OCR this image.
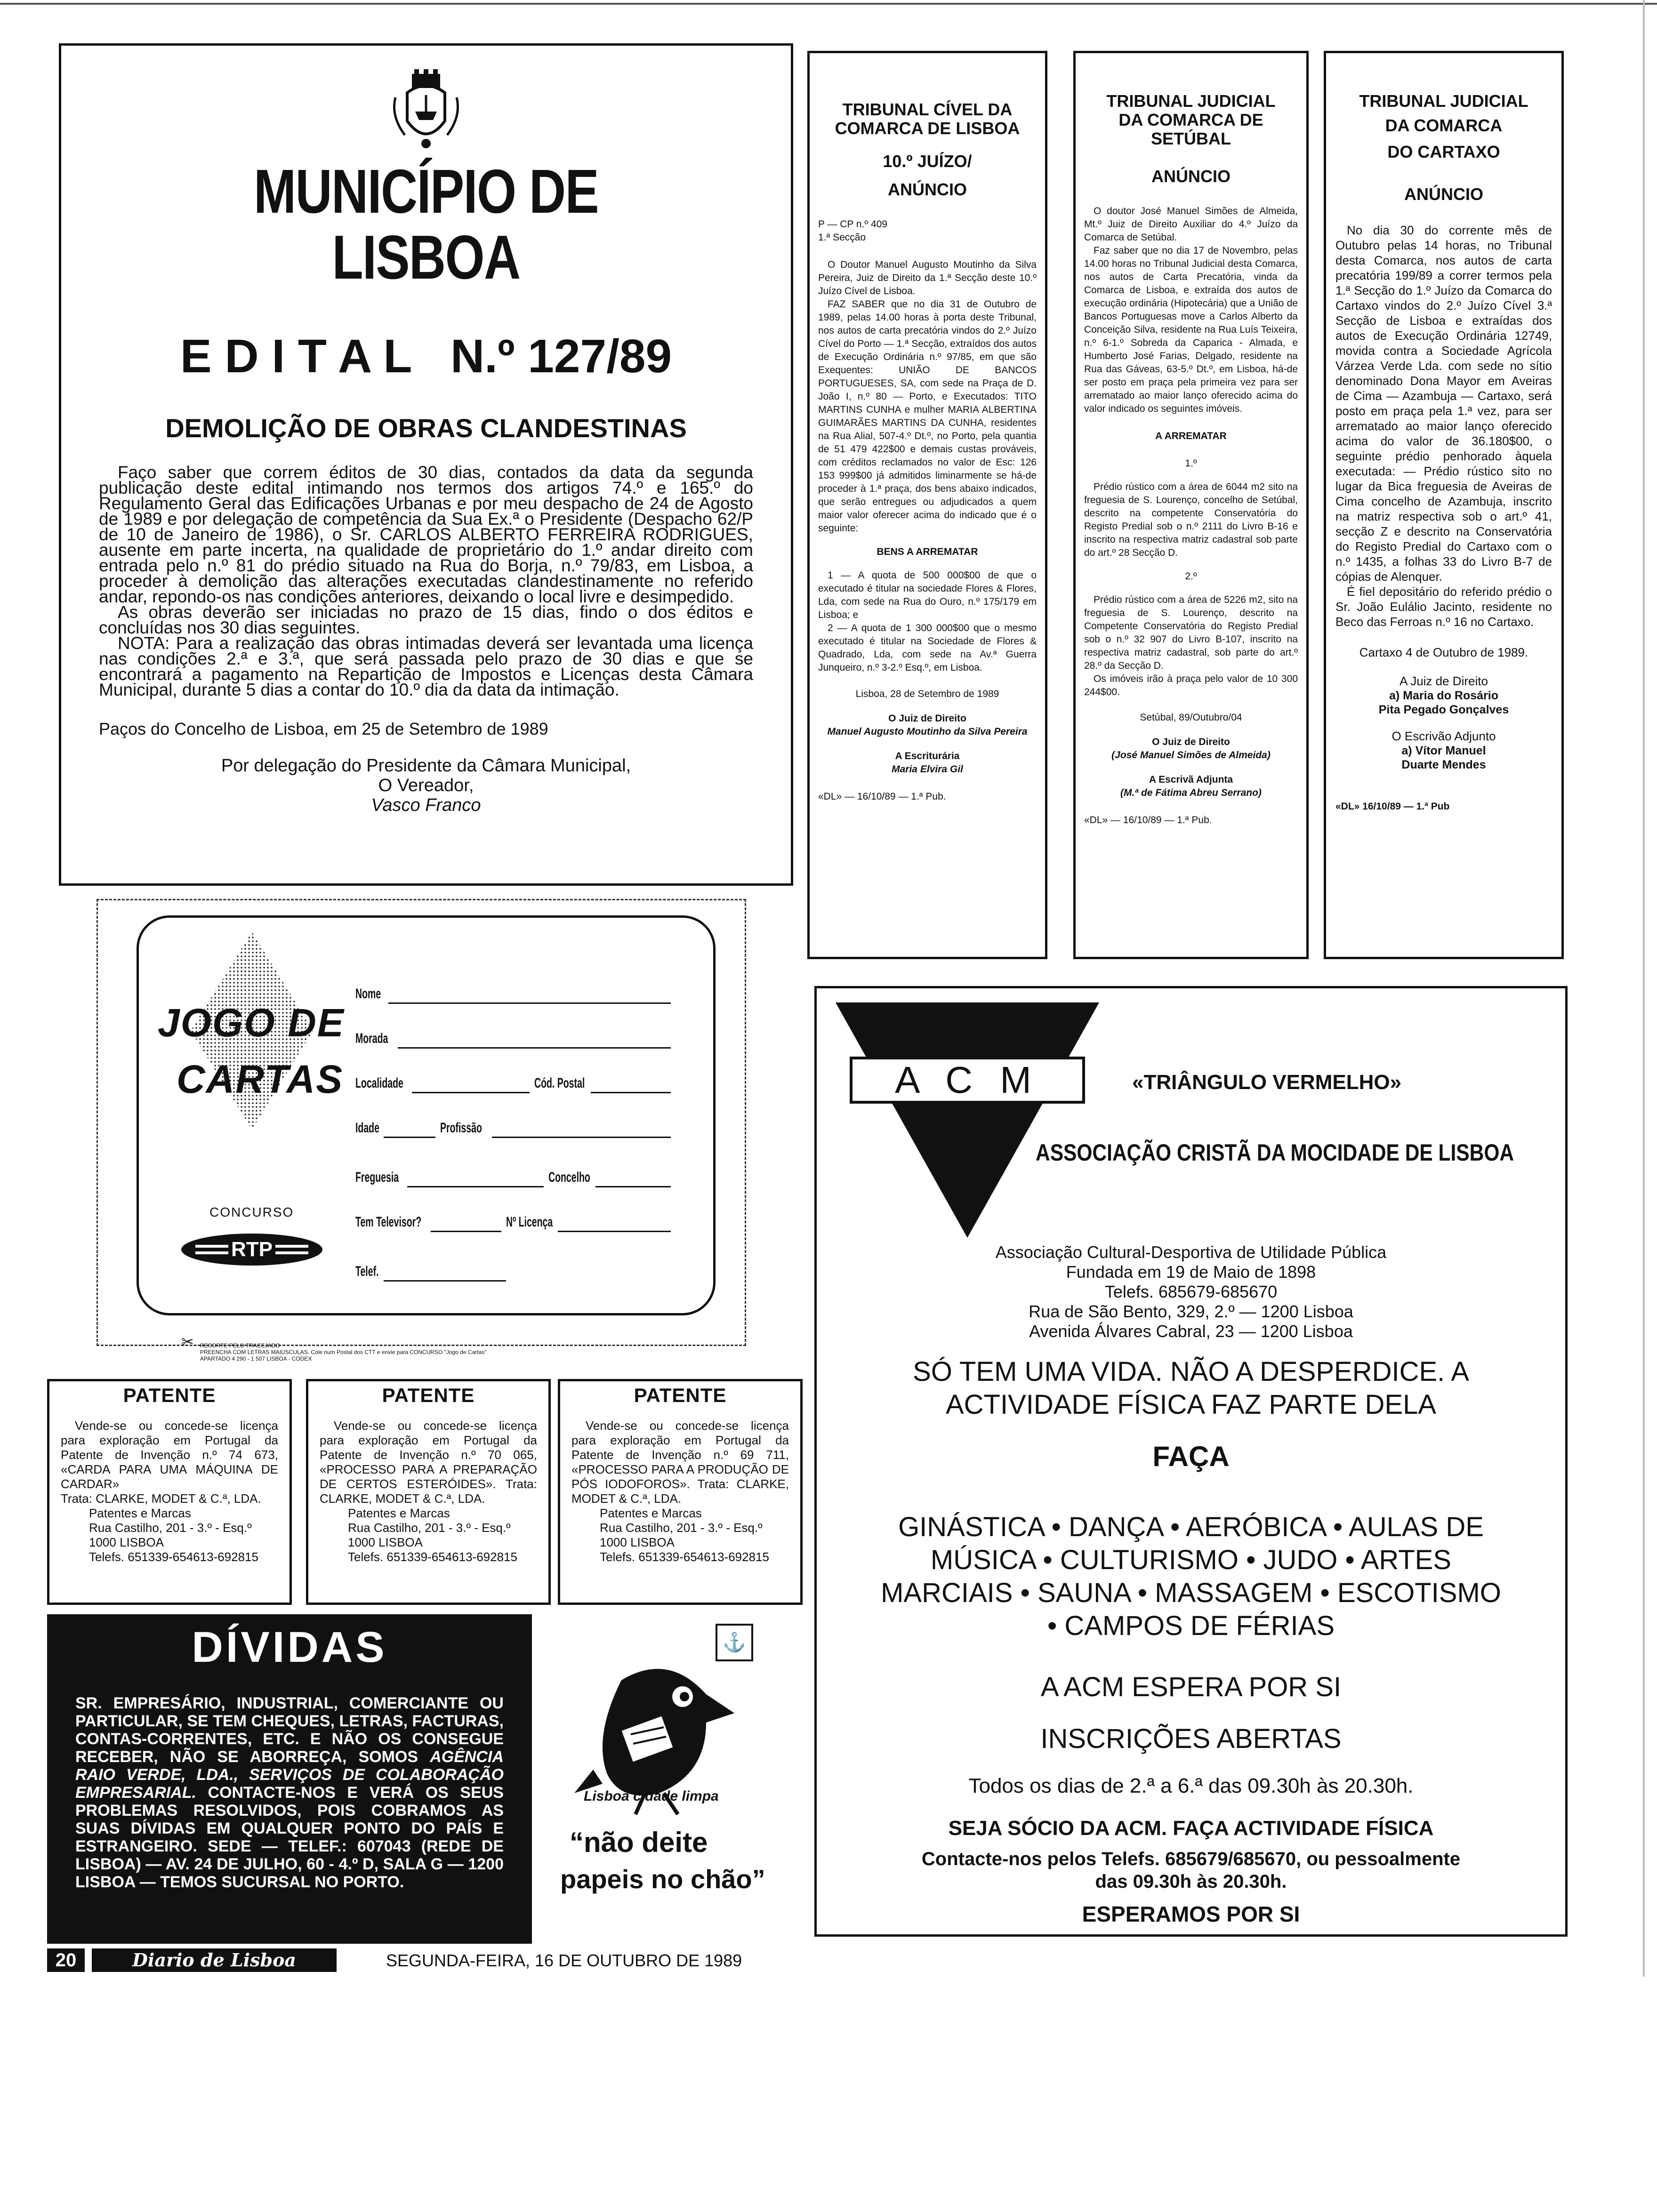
MUNICÍPIO DE LISBOA
E D I T A L   N.º 127/89
DEMOLIÇÃO DE OBRAS CLANDESTINAS

Faço saber que correm éditos de 30 dias, contados da data da segunda publicação deste edital intimando nos termos dos artigos 74.º e 165.º do Regulamento Geral das Edificações Urbanas e por meu despacho de 24 de Agosto de 1989 e por delegação de competência da Sua Ex.ª o Presidente (Despacho 62/P de 10 de Janeiro de 1986), o Sr. CARLOS ALBERTO FERREIRA RODRIGUES, ausente em parte incerta, na qualidade de proprietário do 1.º andar direito com entrada pelo n.º 81 do prédio situado na Rua do Borja, n.º 79/83, em Lisboa, a proceder à demolição das alterações executadas clandestinamente no referido andar, repondo-os nas condições anteriores, deixando o local livre e desimpedido.

As obras deverão ser iniciadas no prazo de 15 dias, findo o dos éditos e concluídas nos 30 dias seguintes.

NOTA: Para a realização das obras intimadas deverá ser levantada uma licença nas condições 2.ª e 3.ª, que será passada pelo prazo de 30 dias e que se encontrará a pagamento na Repartição de Impostos e Licenças desta Câmara Municipal, durante 5 dias a contar do 10.º dia da data da intimação.

Paços do Concelho de Lisboa, em 25 de Setembro de 1989
Por delegação do Presidente da Câmara Municipal,
O Vereador,
Vasco Franco
TRIBUNAL CÍVEL DA
COMARCA DE LISBOA
10.º JUÍZO/
ANÚNCIO
P — CP n.º 409
1.ª Secção

O Doutor Manuel Augusto Moutinho da Silva Pereira, Juiz de Direito da 1.ª Secção deste 10.º Juízo Cível de Lisboa.

FAZ SABER que no dia 31 de Outubro de 1989, pelas 14.00 horas à porta deste Tribunal, nos autos de carta precatória vindos do 2.º Juízo Cível do Porto — 1.ª Secção, extraídos dos autos de Execução Ordinária n.º 97/85, em que são Exequentes: UNIÃO DE BANCOS PORTUGUESES, SA, com sede na Praça de D. João I, n.º 80 — Porto, e Executados: TITO MARTINS CUNHA e mulher MARIA ALBERTINA GUIMARÃES MARTINS DA CUNHA, residentes na Rua Alial, 507-4.º Dt.º, no Porto, pela quantia de 51 479 422$00 e demais custas prováveis, com créditos reclamados no valor de Esc: 126 153 999$00 já admitidos liminarmente se há-de proceder à 1.ª praça, dos bens abaixo indicados, que serão entregues ou adjudicados a quem maior valor oferecer acima do indicado que é o seguinte:

BENS A ARREMATAR

1 — A quota de 500 000$00 de que o executado é titular na sociedade Flores & Flores, Lda, com sede na Rua do Ouro, n.º 175/179 em Lisboa; e

2 — A quota de 1 300 000$00 que o mesmo executado é titular na Sociedade de Flores & Quadrado, Lda, com sede na Av.ª Guerra Junqueiro, n.º 3-2.º Esq.º, em Lisboa.

Lisboa, 28 de Setembro de 1989
O Juiz de Direito
Manuel Augusto Moutinho da Silva Pereira
A Escriturária
Maria Elvira Gil
«DL» — 16/10/89 — 1.ª Pub.
TRIBUNAL JUDICIAL
DA COMARCA DE
SETÚBAL
ANÚNCIO

O doutor José Manuel Simões de Almeida, Mt.º Juiz de Direito Auxiliar do 4.º Juízo da Comarca de Setúbal.

Faz saber que no dia 17 de Novembro, pelas 14.00 horas no Tribunal Judicial desta Comarca, nos autos de Carta Precatória, vinda da Comarca de Lisboa, e extraída dos autos de execução ordinária (Hipotecária) que a União de Bancos Portuguesas move a Carlos Alberto da Conceição Silva, residente na Rua Luís Teixeira, n.º 6-1.º Sobreda da Caparica - Almada, e Humberto José Farias, Delgado, residente na Rua das Gáveas, 63-5.º Dt.º, em Lisboa, há-de ser posto em praça pela primeira vez para ser arrematado ao maior lanço oferecido acima do valor indicado os seguintes imóveis.

A ARREMATAR
1.º

Prédio rústico com a área de 6044 m2 sito na freguesia de S. Lourenço, concelho de Setúbal, descrito na competente Conservatória do Registo Predial sob o n.º 2111 do Livro B-16 e inscrito na respectiva matriz cadastral sob parte do art.º 28 Secção D.

2.º

Prédio rústico com a área de 5226 m2, sito na freguesia de S. Lourenço, descrito na Competente Conservatória do Registo Predial sob o n.º 32 907 do Livro B-107, inscrito na respectiva matriz cadastral, sob parte do art.º 28.º da Secção D.

Os imóveis irão à praça pelo valor de 10 300 244$00.

Setúbal, 89/Outubro/04
O Juiz de Direito
(José Manuel Simões de Almeida)
A Escrivã Adjunta
(M.ª de Fátima Abreu Serrano)
«DL» — 16/10/89 — 1.ª Pub.
TRIBUNAL JUDICIAL
DA COMARCA
DO CARTAXO
ANÚNCIO

No dia 30 do corrente mês de Outubro pelas 14 horas, no Tribunal desta Comarca, nos autos de carta precatória 199/89 a correr termos pela 1.ª Secção do 1.º Juízo da Comarca do Cartaxo vindos do 2.º Juízo Cível 3.ª Secção de Lisboa e extraídas dos autos de Execução Ordinária 12749, movida contra a Sociedade Agrícola Várzea Verde Lda. com sede no sítio denominado Dona Mayor em Aveiras de Cima — Azambuja — Cartaxo, será posto em praça pela 1.ª vez, para ser arrematado ao maior lanço oferecido acima do valor de 36.180$00, o seguinte prédio penhorado àquela executada: — Prédio rústico sito no lugar da Bica freguesia de Aveiras de Cima concelho de Azambuja, inscrito na matriz respectiva sob o art.º 41, secção Z e descrito na Conservatória do Registo Predial do Cartaxo com o n.º 1435, a folhas 33 do Livro B-7 de cópias de Alenquer.

É fiel depositário do referido prédio o Sr. João Eulálio Jacinto, residente no Beco das Ferroas n.º 16 no Cartaxo.

Cartaxo 4 de Outubro de 1989.
A Juiz de Direito
a) Maria do Rosário
Pita Pegado Gonçalves
O Escrivão Adjunto
a) Vítor Manuel
Duarte Mendes
«DL» 16/10/89 — 1.ª Pub
JOGO DE
CARTAS
CONCURSO
RTP
Nome
Morada
Localidade	Cód. Postal
Idade	Profissão
Freguesia	Concelho
Tem Televisor?	Nº Licença
Telef.
✂ RECORTE PELO TRACEJADO
PREENCHA COM LETRAS MAIÚSCULAS. Cole num Postal dos CTT e envie para CONCURSO "Jogo de Cartas"
APARTADO 4 290 - 1 507 LISBOA - CODEX
PATENTE

Vende-se ou concede-se licença para exploração em Portugal da Patente de Invenção n.º 74 673, «CARDA PARA UMA MÁQUINA DE CARDAR»

Trata: CLARKE, MODET & C.ª, LDA.
Patentes e Marcas
Rua Castilho, 201 - 3.º - Esq.º
1000 LISBOA
Telefs. 651339-654613-692815
PATENTE

Vende-se ou concede-se licença para exploração em Portugal da Patente de Invenção n.º 70 065, «PROCESSO PARA A PREPARAÇÃO DE CERTOS ESTERÓIDES». Trata: CLARKE, MODET & C.ª, LDA.

Patentes e Marcas
Rua Castilho, 201 - 3.º - Esq.º
1000 LISBOA
Telefs. 651339-654613-692815
PATENTE

Vende-se ou concede-se licença para exploração em Portugal da Patente de Invenção n.º 69 711, «PROCESSO PARA A PRODUÇÃO DE PÓS IODOFOROS». Trata: CLARKE, MODET & C.ª, LDA.

Patentes e Marcas
Rua Castilho, 201 - 3.º - Esq.º
1000 LISBOA
Telefs. 651339-654613-692815
DÍVIDAS
SR. EMPRESÁRIO, INDUSTRIAL, COMERCIANTE OU PARTICULAR, SE TEM CHEQUES, LETRAS, FACTURAS, CONTAS-CORRENTES, ETC. E NÃO OS CONSEGUE RECEBER, NÃO SE ABORREÇA, SOMOS AGÊNCIA RAIO VERDE, LDA., SERVIÇOS DE COLABORAÇÃO EMPRESARIAL. CONTACTE-NOS E VERÁ OS SEUS PROBLEMAS RESOLVIDOS, POIS COBRAMOS AS SUAS DÍVIDAS EM QUALQUER PONTO DO PAÍS E ESTRANGEIRO. SEDE — TELEF.: 607043 (REDE DE LISBOA) — AV. 24 DE JULHO, 60 - 4.º D, SALA G — 1200 LISBOA — TEMOS SUCURSAL NO PORTO.
⚓
Lisboa cidade limpa
“não deite
papeis no chão”
A C M	«TRIÂNGULO VERMELHO»
ASSOCIAÇÃO CRISTÃ DA MOCIDADE DE LISBOA
Associação Cultural-Desportiva de Utilidade Pública
Fundada em 19 de Maio de 1898
Telefs. 685679-685670
Rua de São Bento, 329, 2.º — 1200 Lisboa
Avenida Álvares Cabral, 23 — 1200 Lisboa
SÓ TEM UMA VIDA. NÃO A DESPERDICE. A
ACTIVIDADE FÍSICA FAZ PARTE DELA
FAÇA
GINÁSTICA • DANÇA • AERÓBICA • AULAS DE
MÚSICA • CULTURISMO • JUDO • ARTES
MARCIAIS • SAUNA • MASSAGEM • ESCOTISMO
• CAMPOS DE FÉRIAS
A ACM ESPERA POR SI
INSCRIÇÕES ABERTAS
Todos os dias de 2.ª a 6.ª das 09.30h às 20.30h.
SEJA SÓCIO DA ACM. FAÇA ACTIVIDADE FÍSICA
Contacte-nos pelos Telefs. 685679/685670, ou pessoalmente das 09.30h às 20.30h.
ESPERAMOS POR SI
20	Diario de Lisboa	SEGUNDA-FEIRA, 16 DE OUTUBRO DE 1989
